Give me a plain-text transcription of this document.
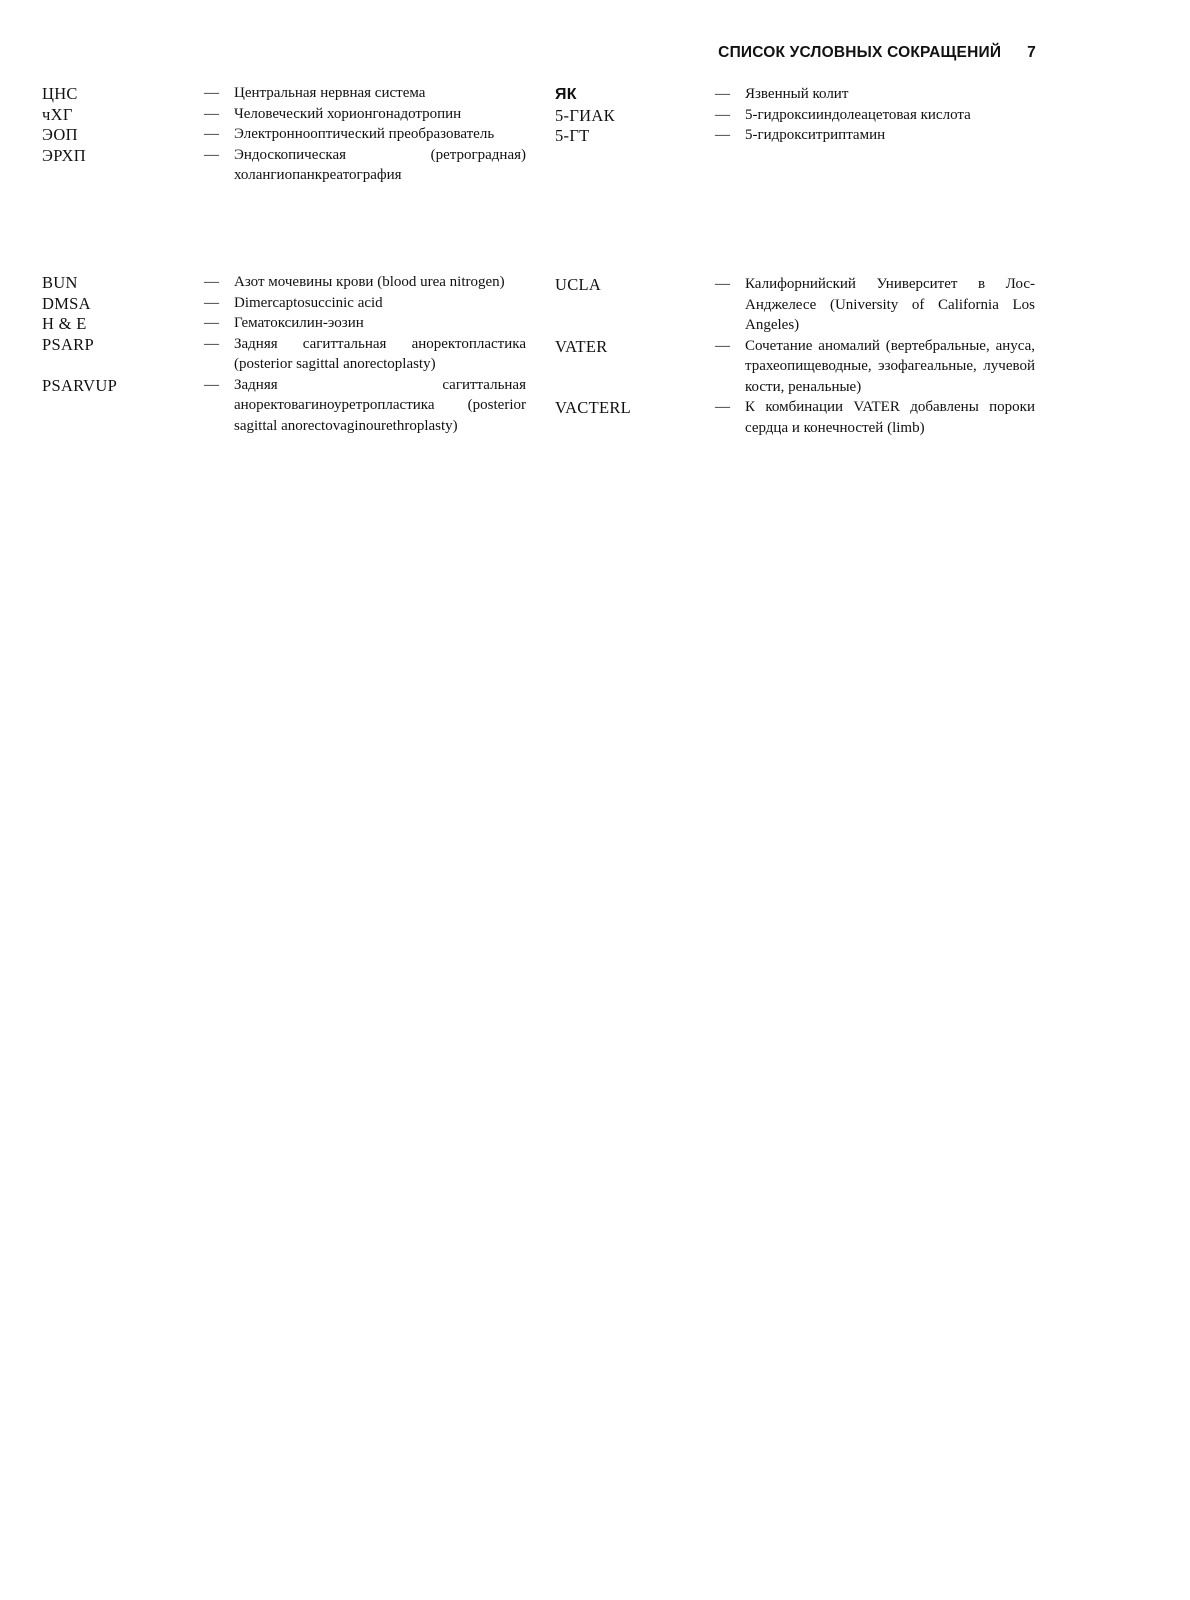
СПИСОК УСЛОВНЫХ СОКРАЩЕНИЙ 7
ЦНС	— Центральная нервная система
чХГ	— Человеческий хорионгонадотропин
ЭОП	— Электроннооптический преобразователь
ЭРХП	— Эндоскопическая (ретроградная) холангиопанкреатография
ЯК	— Язвенный колит
5-ГИАК	— 5-гидроксииндолеацетовая кислота
5-ГТ	— 5-гидрокситриптамин
BUN	— Азот мочевины крови (blood urea nitrogen)
DMSA	— Dimercaptosuccinic acid
H & E	— Гематоксилин-эозин
PSARP	— Задняя сагиттальная аноректопластика (posterior sagittal anorectoplasty)
PSARVUP	— Задняя сагиттальная аноректовагиноуретропластика (posterior sagittal anorectovaginourethroplasty)
UCLA	— Калифорнийский Университет в Лос-Анджелесе (University of California Los Angeles)
VATER	— Сочетание аномалий (вертебральные, ануса, трахеопищеводные, эзофагеальные, лучевой кости, ренальные)
VACTERL	— К комбинации VATER добавлены пороки сердца и конечностей (limb)
